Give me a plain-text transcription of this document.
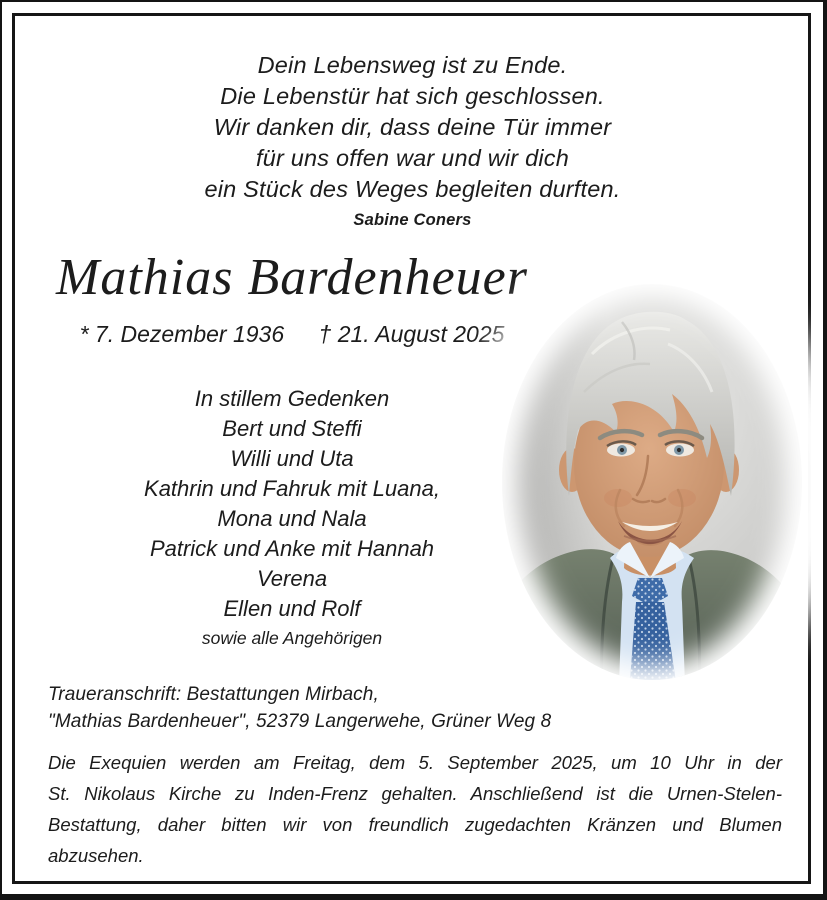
Dein Lebensweg ist zu Ende.
Die Lebenstür hat sich geschlossen.
Wir danken dir, dass deine Tür immer
für uns offen war und wir dich
ein Stück des Weges begleiten durften.
Sabine Coners
Mathias Bardenheuer
* 7. Dezember 1936 † 21. August 2025
In stillem Gedenken
Bert und Steffi
Willi und Uta
Kathrin und Fahruk mit Luana,
Mona und Nala
Patrick und Anke mit Hannah
Verena
Ellen und Rolf
sowie alle Angehörigen
Traueranschrift: Bestattungen Mirbach,
"Mathias Bardenheuer", 52379 Langerwehe, Grüner Weg 8
Die Exequien werden am Freitag, dem 5. September 2025, um 10 Uhr in der
St. Nikolaus Kirche zu Inden-Frenz gehalten. Anschließend ist die Urnen-Stelen-
Bestattung, daher bitten wir von freundlich zugedachten Kränzen und Blumen
abzusehen.
